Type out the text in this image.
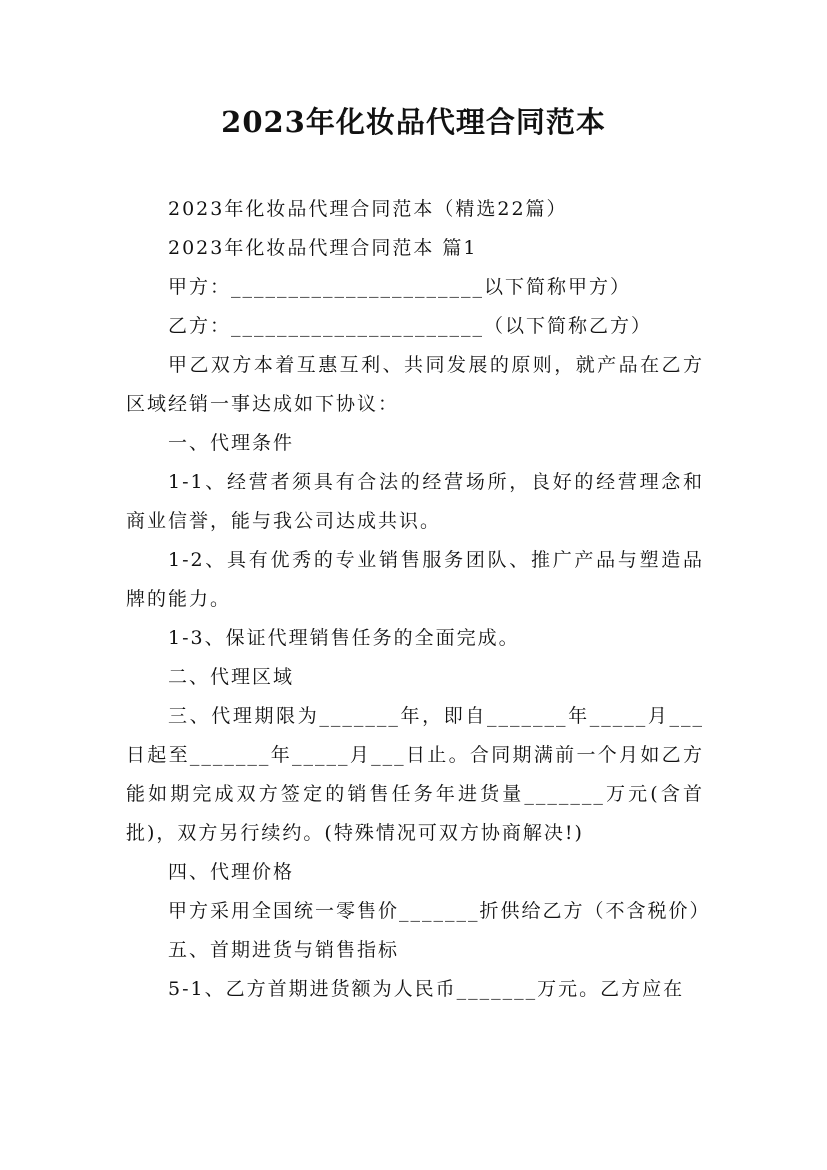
2023年化妆品代理合同范本

2023年化妆品代理合同范本（精选22篇）

2023年化妆品代理合同范本 篇1

甲方：______________________以下简称甲方）

乙方：______________________（以下简称乙方）

甲乙双方本着互惠互利、共同发展的原则，就产品在乙方区域经销一事达成如下协议：

一、代理条件

1-1、经营者须具有合法的经营场所，良好的经营理念和商业信誉，能与我公司达成共识。

1-2、具有优秀的专业销售服务团队、推广产品与塑造品牌的能力。

1-3、保证代理销售任务的全面完成。

二、代理区域

三、代理期限为_______年，即自_______年_____月___日起至_______年_____月___日止。合同期满前一个月如乙方能如期完成双方签定的销售任务年进货量_______万元(含首批)，双方另行续约。(特殊情况可双方协商解决!)

四、代理价格

甲方采用全国统一零售价_______折供给乙方（不含税价）

五、首期进货与销售指标

5-1、乙方首期进货额为人民币_______万元。乙方应在
